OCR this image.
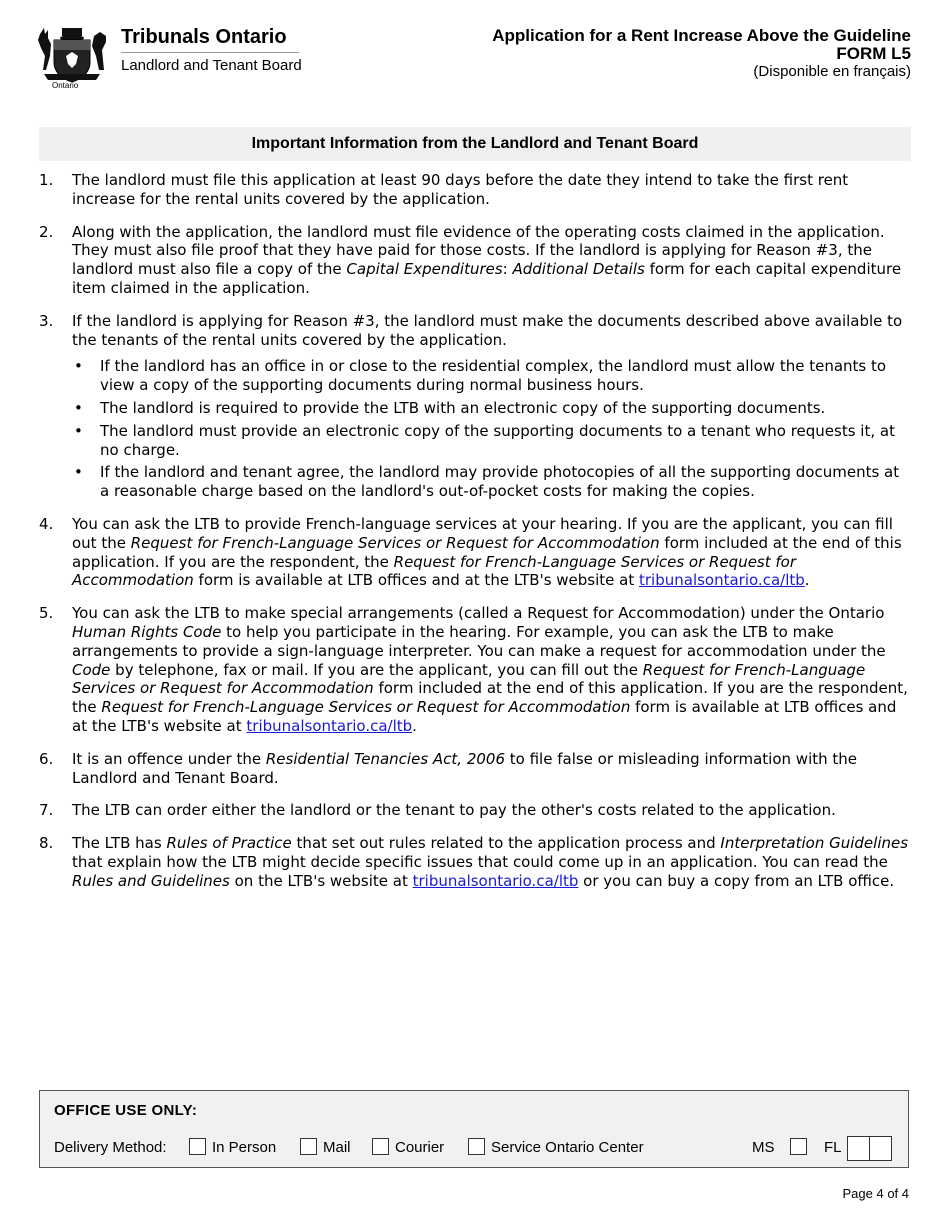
Ontario
Tribunals Ontario
Landlord and Tenant Board
Application for a Rent Increase Above the Guideline
FORM L5
(Disponible en français)
Important Information from the Landlord and Tenant Board
1. The landlord must file this application at least 90 days before the date they intend to take the first rent increase for the rental units covered by the application.

2. Along with the application, the landlord must file evidence of the operating costs claimed in the application. They must also file proof that they have paid for those costs. If the landlord is applying for Reason #3, the landlord must also file a copy of the Capital Expenditures: Additional Details form for each capital expenditure item claimed in the application.

3. If the landlord is applying for Reason #3, the landlord must make the documents described above available to the tenants of the rental units covered by the application.

• If the landlord has an office in or close to the residential complex, the landlord must allow the tenants to view a copy of the supporting documents during normal business hours.
• The landlord is required to provide the LTB with an electronic copy of the supporting documents.
• The landlord must provide an electronic copy of the supporting documents to a tenant who requests it, at no charge.
• If the landlord and tenant agree, the landlord may provide photocopies of all the supporting documents at a reasonable charge based on the landlord's out-of-pocket costs for making the copies.
4. You can ask the LTB to provide French-language services at your hearing. If you are the applicant, you can fill out the Request for French-Language Services or Request for Accommodation form included at the end of this application. If you are the respondent, the Request for French-Language Services or Request for Accommodation form is available at LTB offices and at the LTB's website at tribunalsontario.ca/ltb.

5. You can ask the LTB to make special arrangements (called a Request for Accommodation) under the Ontario Human Rights Code to help you participate in the hearing. For example, you can ask the LTB to make arrangements to provide a sign-language interpreter. You can make a request for accommodation under the Code by telephone, fax or mail. If you are the applicant, you can fill out the Request for French-Language Services or Request for Accommodation form included at the end of this application. If you are the respondent, the Request for French-Language Services or Request for Accommodation form is available at LTB offices and at the LTB's website at tribunalsontario.ca/ltb.

6. It is an offence under the Residential Tenancies Act, 2006 to file false or misleading information with the Landlord and Tenant Board.

7. The LTB can order either the landlord or the tenant to pay the other's costs related to the application.

8. The LTB has Rules of Practice that set out rules related to the application process and Interpretation Guidelines that explain how the LTB might decide specific issues that could come up in an application. You can read the Rules and Guidelines on the LTB's website at tribunalsontario.ca/ltb or you can buy a copy from an LTB office.

OFFICE USE ONLY:
Delivery Method:	In Person	Mail	Courier	Service Ontario Center	MS	FL
Page 4 of 4
